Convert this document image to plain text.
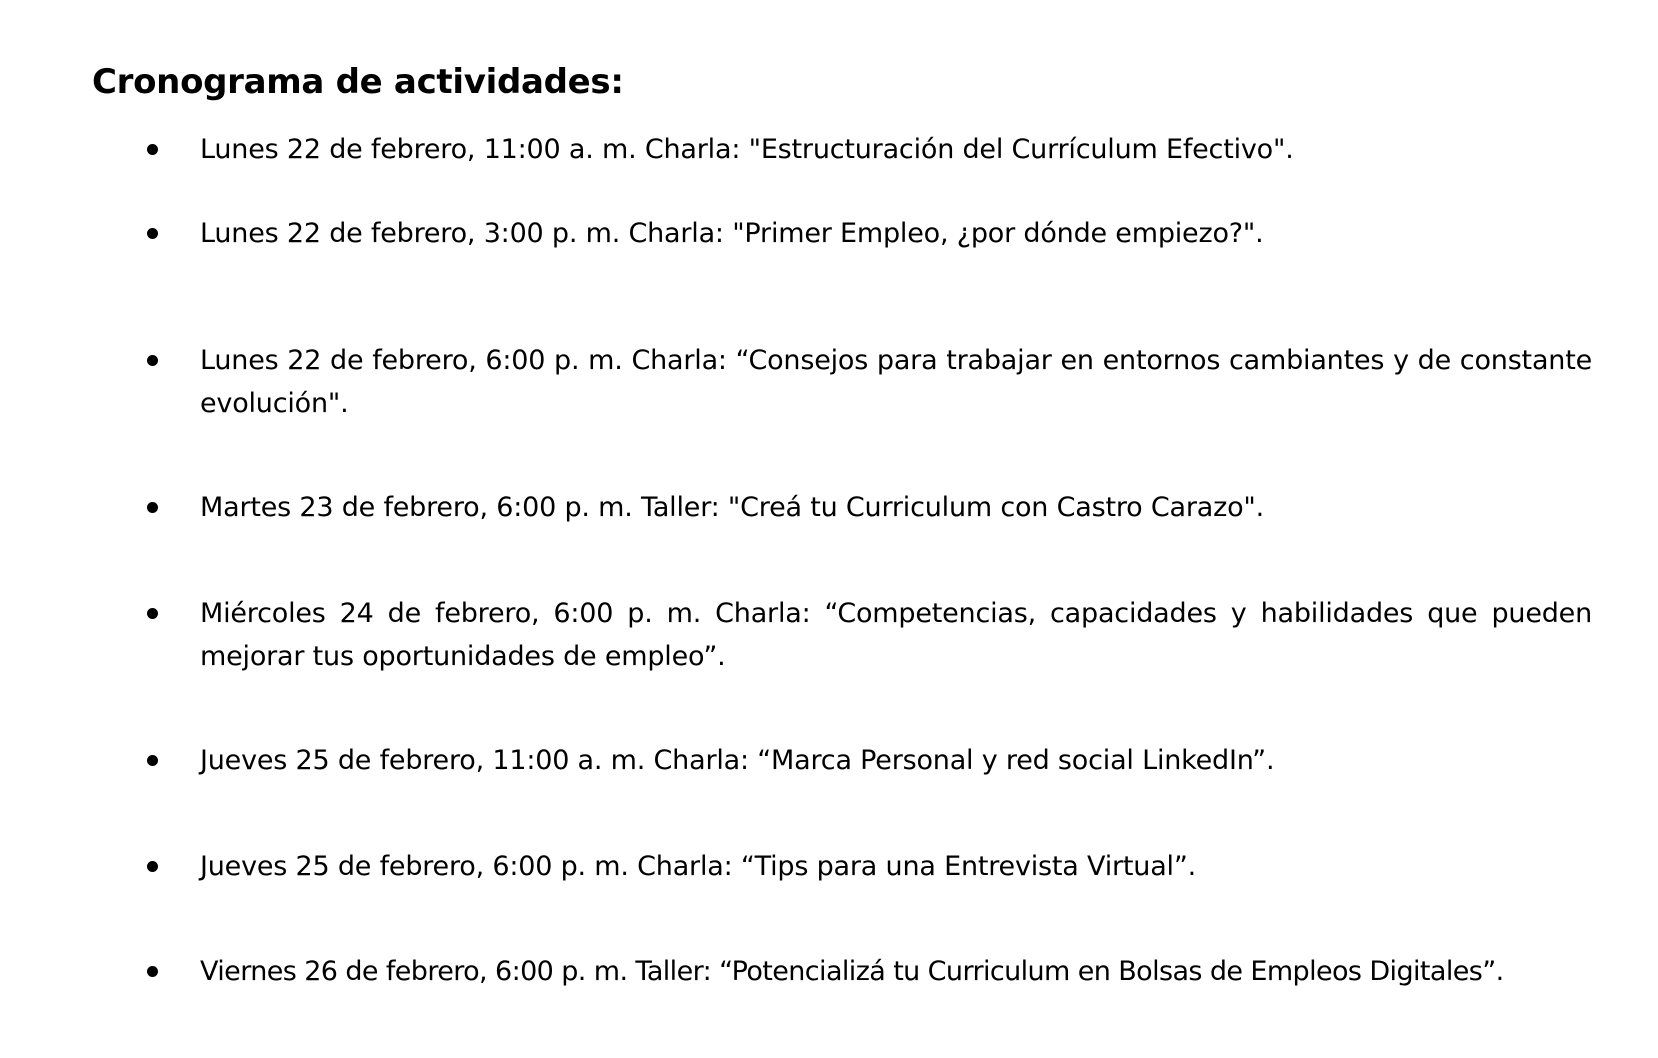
Cronograma de actividades:

Lunes 22 de febrero, 11:00 a. m. Charla: "Estructuración del Currículum Efectivo".

Lunes 22 de febrero, 3:00 p. m. Charla: "Primer Empleo, ¿por dónde empiezo?".

Lunes 22 de febrero, 6:00 p. m. Charla: “Consejos para trabajar en entornos cambiantes y de constante evolución".

Martes 23 de febrero, 6:00 p. m. Taller: "Creá tu Curriculum con Castro Carazo".

Miércoles 24 de febrero, 6:00 p. m. Charla: “Competencias, capacidades y habilidades que pueden mejorar tus oportunidades de empleo”.

Jueves 25 de febrero, 11:00 a. m. Charla: “Marca Personal y red social LinkedIn”.

Jueves 25 de febrero, 6:00 p. m. Charla: “Tips para una Entrevista Virtual”.

Viernes 26 de febrero, 6:00 p. m. Taller: “Potencializá tu Curriculum en Bolsas de Empleos Digitales”.
